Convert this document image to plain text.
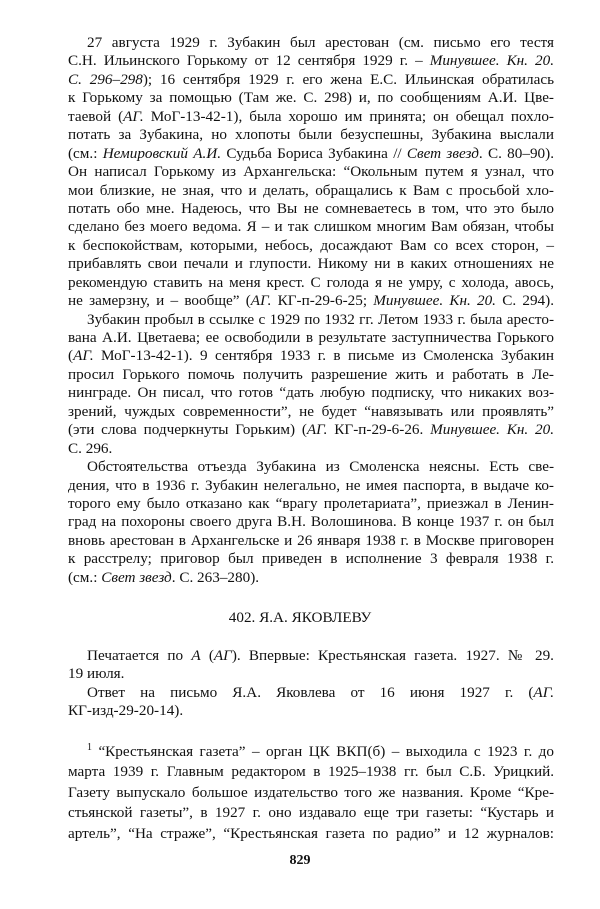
27 августа 1929 г. Зубакин был арестован (см. письмо его тестя
С.Н. Ильинского Горькому от 12 сентября 1929 г. – Минувшее. Кн. 20.
С. 296–298); 16 сентября 1929 г. его жена Е.С. Ильинская обратилась
к Горькому за помощью (Там же. С. 298) и, по сообщениям А.И. Цве-
таевой (АГ. МоГ-13-42-1), была хорошо им принята; он обещал похло-
потать за Зубакина, но хлопоты были безуспешны, Зубакина выслали
(см.: Немировский А.И. Судьба Бориса Зубакина // Свет звезд. С. 80–90).
Он написал Горькому из Архангельска: “Окольным путем я узнал, что
мои близкие, не зная, что и делать, обращались к Вам с просьбой хло-
потать обо мне. Надеюсь, что Вы не сомневаетесь в том, что это было
сделано без моего ведома. Я – и так слишком многим Вам обязан, чтобы
к беспокойствам, которыми, небось, досаждают Вам со всех сторон, –
прибавлять свои печали и глупости. Никому ни в каких отношениях не
рекомендую ставить на меня крест. С голода я не умру, с холода, авось,
не замерзну, и – вообще” (АГ. КГ-п-29-6-25; Минувшее. Кн. 20. С. 294).
Зубакин пробыл в ссылке с 1929 по 1932 гг. Летом 1933 г. была аресто-
вана А.И. Цветаева; ее освободили в результате заступничества Горького
(АГ. МоГ-13-42-1). 9 сентября 1933 г. в письме из Смоленска Зубакин
просил Горького помочь получить разрешение жить и работать в Ле-
нинграде. Он писал, что готов “дать любую подписку, что никаких воз-
зрений, чуждых современности”, не будет “навязывать или проявлять”
(эти слова подчеркнуты Горьким) (АГ. КГ-п-29-6-26. Минувшее. Кн. 20.
С. 296.
Обстоятельства отъезда Зубакина из Смоленска неясны. Есть све-
дения, что в 1936 г. Зубакин нелегально, не имея паспорта, в выдаче ко-
торого ему было отказано как “врагу пролетариата”, приезжал в Ленин-
град на похороны своего друга В.Н. Волошинова. В конце 1937 г. он был
вновь арестован в Архангельске и 26 января 1938 г. в Москве приговорен
к расстрелу; приговор был приведен в исполнение 3 февраля 1938 г.
(см.: Свет звезд. С. 263–280).
402. Я.А. ЯКОВЛЕВУ
Печатается по А (АГ). Впервые: Крестьянская газета. 1927. № 29.
19 июля.
Ответ на письмо Я.А. Яковлева от 16 июня 1927 г. (АГ.
КГ-изд-29-20-14).
$^1$ “Крестьянская газета” – орган ЦК ВКП(б) – выходила с 1923 г. до
марта 1939 г. Главным редактором в 1925–1938 гг. был С.Б. Урицкий.
Газету выпускало большое издательство того же названия. Кроме “Кре-
стьянской газеты”, в 1927 г. оно издавало еще три газеты: “Кустарь и
артель”, “На страже”, “Крестьянская газета по радио” и 12 журналов:
829
